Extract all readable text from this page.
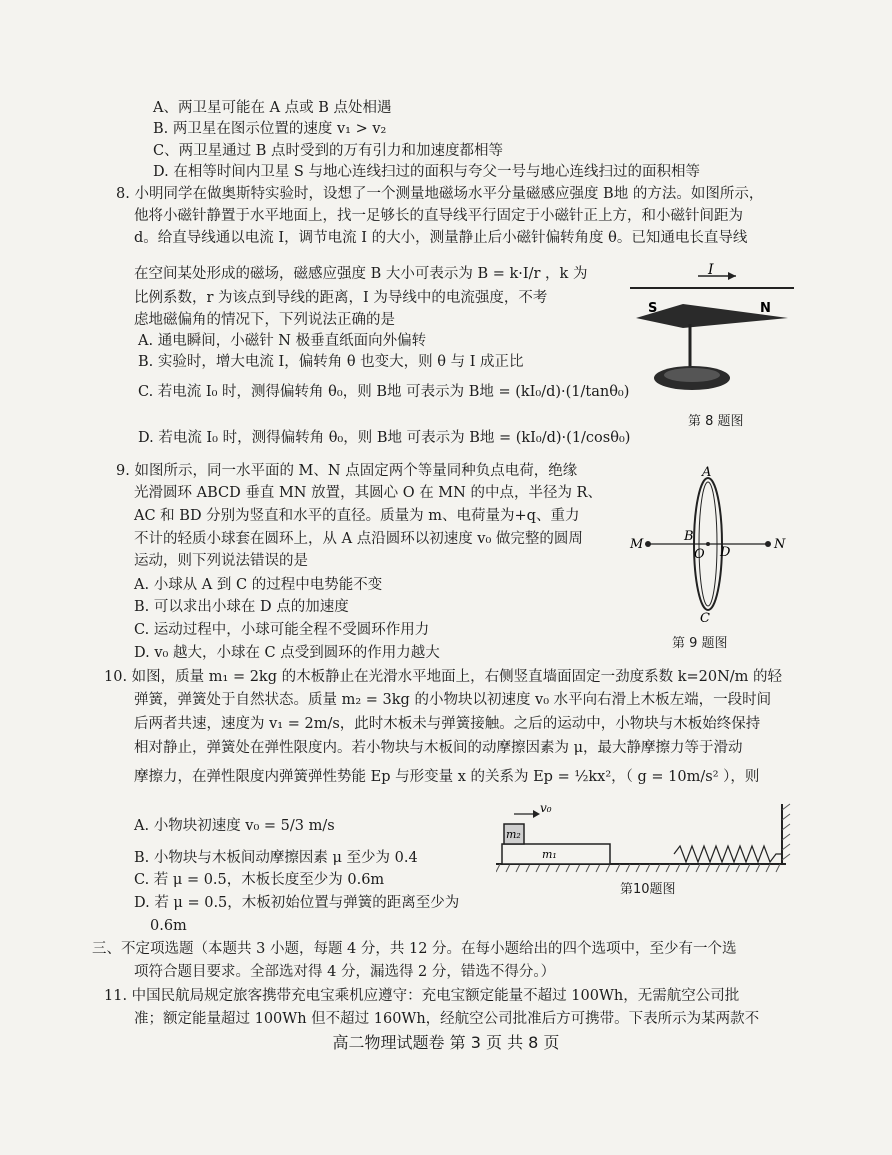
A、两卫星可能在 A 点或 B 点处相遇
B. 两卫星在图示位置的速度 v₁ > v₂
C、两卫星通过 B 点时受到的万有引力和加速度都相等
D. 在相等时间内卫星 S 与地心连线扫过的面积与夸父一号与地心连线扫过的面积相等
8. 小明同学在做奥斯特实验时，设想了一个测量地磁场水平分量磁感应强度 B地 的方法。如图所示，
他将小磁针静置于水平地面上，找一足够长的直导线平行固定于小磁针正上方，和小磁针间距为
d。给直导线通以电流 I，调节电流 I 的大小，测量静止后小磁针偏转角度 θ。已知通电长直导线
在空间某处形成的磁场，磁感应强度 B 大小可表示为 B = k·I/r ，k 为
比例系数，r 为该点到导线的距离，I 为导线中的电流强度，不考
虑地磁偏角的情况下，下列说法正确的是
A. 通电瞬间，小磁针 N 极垂直纸面向外偏转
B. 实验时，增大电流 I，偏转角 θ 也变大，则 θ 与 I 成正比
C. 若电流 I₀ 时，测得偏转角 θ₀，则 B地 可表示为 B地 = (kI₀/d)·(1/tanθ₀)
D. 若电流 I₀ 时，测得偏转角 θ₀，则 B地 可表示为 B地 = (kI₀/d)·(1/cosθ₀)
9. 如图所示，同一水平面的 M、N 点固定两个等量同种负点电荷，绝缘
光滑圆环 ABCD 垂直 MN 放置，其圆心 O 在 MN 的中点，半径为 R、
AC 和 BD 分别为竖直和水平的直径。质量为 m、电荷量为+q、重力
不计的轻质小球套在圆环上，从 A 点沿圆环以初速度 v₀ 做完整的圆周
运动，则下列说法错误的是
A. 小球从 A 到 C 的过程中电势能不变
B. 可以求出小球在 D 点的加速度
C. 运动过程中，小球可能全程不受圆环作用力
D. v₀ 越大，小球在 C 点受到圆环的作用力越大
10. 如图，质量 m₁ = 2kg 的木板静止在光滑水平地面上，右侧竖直墙面固定一劲度系数 k=20N/m 的轻
弹簧，弹簧处于自然状态。质量 m₂ = 3kg 的小物块以初速度 v₀ 水平向右滑上木板左端，一段时间
后两者共速，速度为 v₁ = 2m/s，此时木板未与弹簧接触。之后的运动中，小物块与木板始终保持
相对静止，弹簧处在弹性限度内。若小物块与木板间的动摩擦因素为 μ，最大静摩擦力等于滑动
摩擦力，在弹性限度内弹簧弹性势能 Ep 与形变量 x 的关系为 Ep = ½kx²，（ g = 10m/s² ），则
A. 小物块初速度 v₀ = 5/3 m/s
B. 小物块与木板间动摩擦因素 μ 至少为 0.4
C. 若 μ = 0.5，木板长度至少为 0.6m
D. 若 μ = 0.5，木板初始位置与弹簧的距离至少为
0.6m
三、不定项选题（本题共 3 小题，每题 4 分，共 12 分。在每小题给出的四个选项中，至少有一个选
项符合题目要求。全部选对得 4 分，漏选得 2 分，错选不得分。）
11. 中国民航局规定旅客携带充电宝乘机应遵守：充电宝额定能量不超过 100Wh，无需航空公司批
准；额定能量超过 100Wh 但不超过 160Wh，经航空公司批准后方可携带。下表所示为某两款不
I
S	N
第 8 题图
A
C
B
D
O
M	N
第 9 题图
v₀
m₂
m₁
第10题图
高二物理试题卷 第 3 页 共 8 页
